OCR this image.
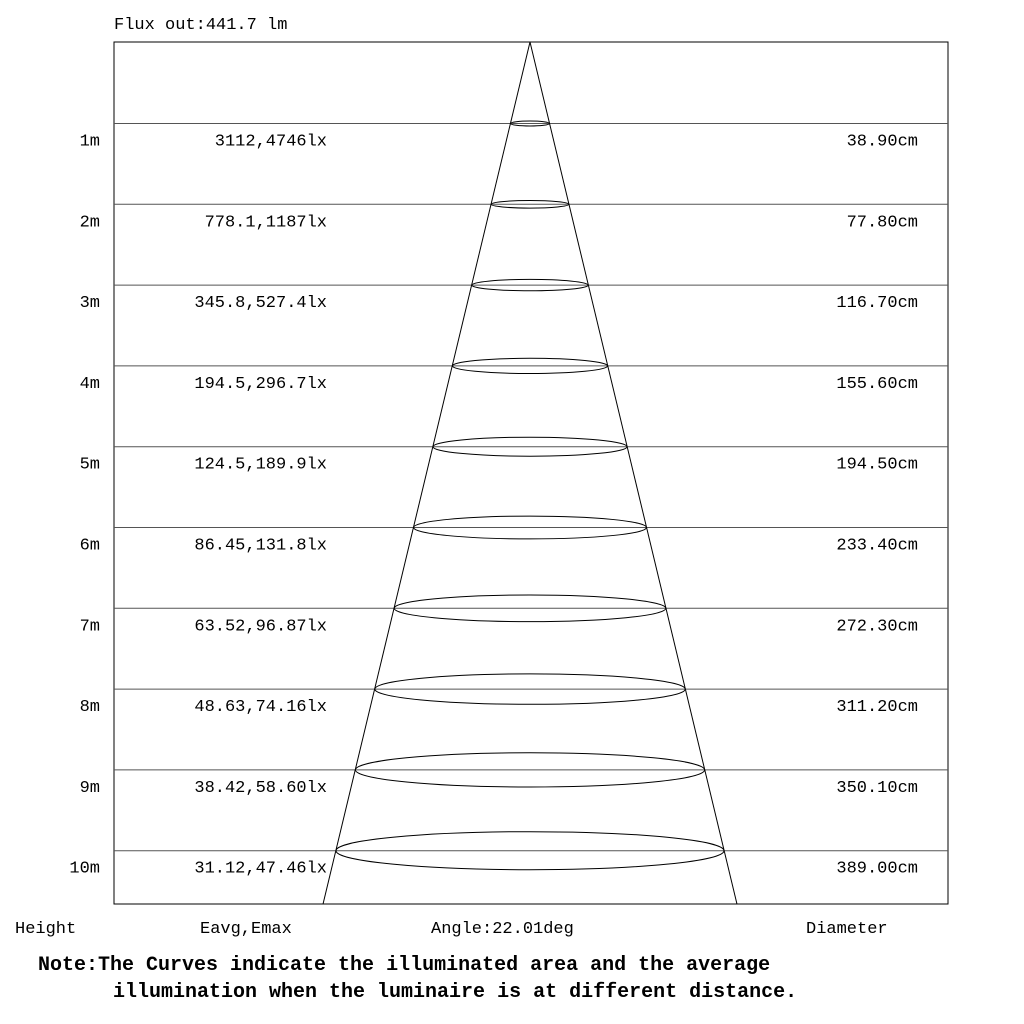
Flux out:441.7 lm
1m	3112,4746lx	38.90cm
2m	778.1,1187lx	77.80cm
3m	345.8,527.4lx	116.70cm
4m	194.5,296.7lx	155.60cm
5m	124.5,189.9lx	194.50cm
6m	86.45,131.8lx	233.40cm
7m	63.52,96.87lx	272.30cm
8m	48.63,74.16lx	311.20cm
9m	38.42,58.60lx	350.10cm
10m	31.12,47.46lx	389.00cm
Height	Eavg,Emax	Angle:22.01deg	Diameter
Note:The Curves indicate the illuminated area and the average
illumination when the luminaire is at different distance.
